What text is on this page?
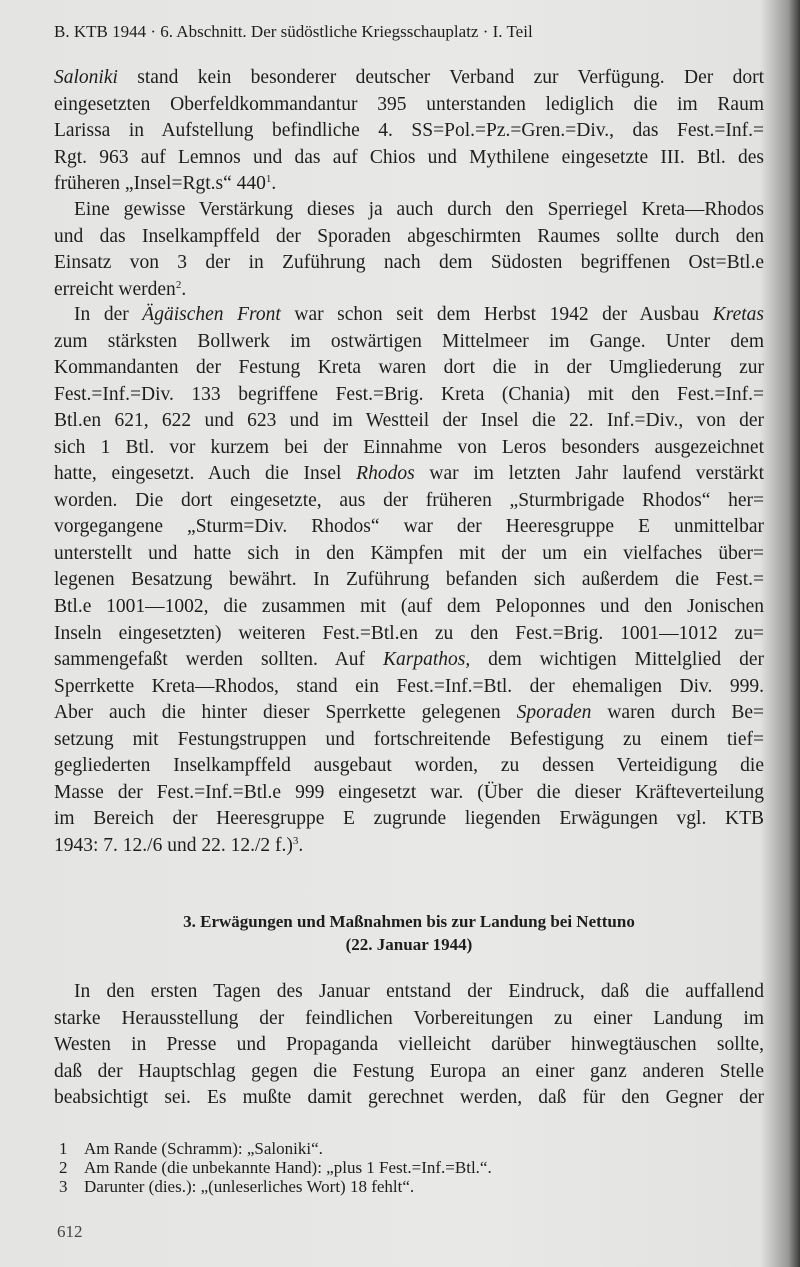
B. KTB 1944 · 6. Abschnitt. Der südöstliche Kriegsschauplatz · I. Teil
Saloniki stand kein besonderer deutscher Verband zur Verfügung. Der dort
eingesetzten Oberfeldkommandantur 395 unterstanden lediglich die im Raum
Larissa in Aufstellung befindliche 4. SS=Pol.=Pz.=Gren.=Div., das Fest.=Inf.=
Rgt. 963 auf Lemnos und das auf Chios und Mythilene eingesetzte III. Btl. des
früheren „Insel=Rgt.s“ $440^1$.
Eine gewisse Verstärkung dieses ja auch durch den Sperriegel Kreta—Rhodos
und das Inselkampffeld der Sporaden abgeschirmten Raumes sollte durch den
Einsatz von 3 der in Zuführung nach dem Südosten begriffenen Ost=Btl.e
erreicht werden$^2$.
In der Ägäischen Front war schon seit dem Herbst 1942 der Ausbau Kretas
zum stärksten Bollwerk im ostwärtigen Mittelmeer im Gange. Unter dem
Kommandanten der Festung Kreta waren dort die in der Umgliederung zur
Fest.=Inf.=Div. 133 begriffene Fest.=Brig. Kreta (Chania) mit den Fest.=Inf.=
Btl.en 621, 622 und 623 und im Westteil der Insel die 22. Inf.=Div., von der
sich 1 Btl. vor kurzem bei der Einnahme von Leros besonders ausgezeichnet
hatte, eingesetzt. Auch die Insel Rhodos war im letzten Jahr laufend verstärkt
worden. Die dort eingesetzte, aus der früheren „Sturmbrigade Rhodos“ her=
vorgegangene „Sturm=Div. Rhodos“ war der Heeresgruppe E unmittelbar
unterstellt und hatte sich in den Kämpfen mit der um ein vielfaches über=
legenen Besatzung bewährt. In Zuführung befanden sich außerdem die Fest.=
Btl.e 1001—1002, die zusammen mit (auf dem Peloponnes und den Jonischen
Inseln eingesetzten) weiteren Fest.=Btl.en zu den Fest.=Brig. 1001—1012 zu=
sammengefaßt werden sollten. Auf Karpathos, dem wichtigen Mittelglied der
Sperrkette Kreta—Rhodos, stand ein Fest.=Inf.=Btl. der ehemaligen Div. 999.
Aber auch die hinter dieser Sperrkette gelegenen Sporaden waren durch Be=
setzung mit Festungstruppen und fortschreitende Befestigung zu einem tief=
gegliederten Inselkampffeld ausgebaut worden, zu dessen Verteidigung die
Masse der Fest.=Inf.=Btl.e 999 eingesetzt war. (Über die dieser Kräfteverteilung
im Bereich der Heeresgruppe E zugrunde liegenden Erwägungen vgl. KTB
1943: 7. 12./6 und 22. 12./2 f.)$^3$.
3. Erwägungen und Maßnahmen bis zur Landung bei Nettuno
(22. Januar 1944)
In den ersten Tagen des Januar entstand der Eindruck, daß die auffallend
starke Herausstellung der feindlichen Vorbereitungen zu einer Landung im
Westen in Presse und Propaganda vielleicht darüber hinwegtäuschen sollte,
daß der Hauptschlag gegen die Festung Europa an einer ganz anderen Stelle
beabsichtigt sei. Es mußte damit gerechnet werden, daß für den Gegner der
1 Am Rande (Schramm): „Saloniki“.
2 Am Rande (die unbekannte Hand): „plus 1 Fest.=Inf.=Btl.“.
3 Darunter (dies.): „(unleserliches Wort) 18 fehlt“.
612
